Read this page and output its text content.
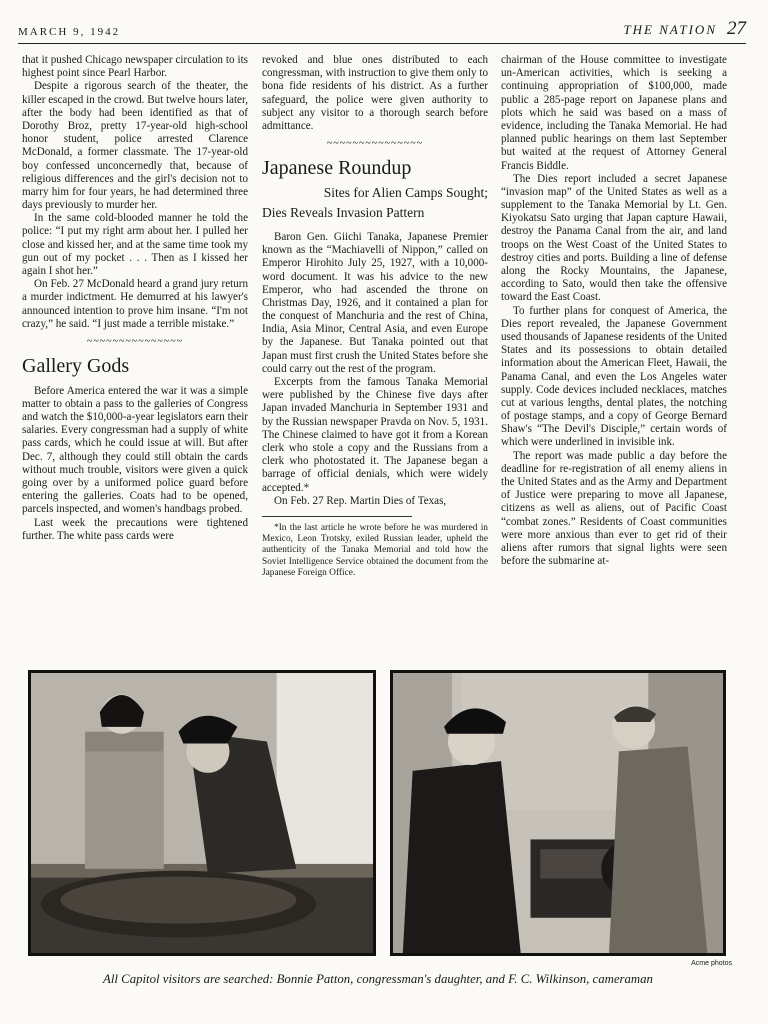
MARCH 9, 1942	THE NATION 27

that it pushed Chicago newspaper circulation to its highest point since Pearl Harbor.

Despite a rigorous search of the theater, the killer escaped in the crowd. But twelve hours later, after the body had been identified as that of Dorothy Broz, pretty 17-year-old high-school honor student, police arrested Clarence McDonald, a former classmate. The 17-year-old boy confessed unconcernedly that, because of religious differences and the girl's decision not to marry him for four years, he had determined three days previously to murder her.

In the same cold-blooded manner he told the police: “I put my right arm about her. I pulled her close and kissed her, and at the same time took my gun out of my pocket . . . Then as I kissed her again I shot her.”

On Feb. 27 McDonald heard a grand jury return a murder indictment. He demurred at his lawyer's announced intention to prove him insane. “I'm not crazy,” he said. “I just made a terrible mistake.”

~~~~~~~~~~~~~~~
Gallery Gods

Before America entered the war it was a simple matter to obtain a pass to the galleries of Congress and watch the $10,000-a-year legislators earn their salaries. Every congressman had a supply of white pass cards, which he could issue at will. But after Dec. 7, although they could still obtain the cards without much trouble, visitors were given a quick going over by a uniformed police guard before entering the galleries. Coats had to be opened, parcels inspected, and women's handbags probed.

Last week the precautions were tightened further. The white pass cards were

revoked and blue ones distributed to each congressman, with instruction to give them only to bona fide residents of his district. As a further safeguard, the police were given authority to subject any visitor to a thorough search before admittance.

~~~~~~~~~~~~~~~
Japanese Roundup
Sites for Alien Camps Sought;
Dies Reveals Invasion Pattern

Baron Gen. Giichi Tanaka, Japanese Premier known as the “Machiavelli of Nippon,” called on Emperor Hirohito July 25, 1927, with a 10,000-word document. It was his advice to the new Emperor, who had ascended the throne on Christmas Day, 1926, and it contained a plan for the conquest of Manchuria and the rest of China, India, Asia Minor, Central Asia, and even Europe by the Japanese. But Tanaka pointed out that Japan must first crush the United States before she could carry out the rest of the program.

Excerpts from the famous Tanaka Memorial were published by the Chinese five days after Japan invaded Manchuria in September 1931 and by the Russian newspaper Pravda on Nov. 5, 1931. The Chinese claimed to have got it from a Korean clerk who stole a copy and the Russians from a clerk who photostated it. The Japanese began a barrage of official denials, which were widely accepted.*

On Feb. 27 Rep. Martin Dies of Texas,

*In the last article he wrote before he was murdered in Mexico, Leon Trotsky, exiled Russian leader, upheld the authenticity of the Tanaka Memorial and told how the Soviet Intelligence Service obtained the document from the Japanese Foreign Office.

chairman of the House committee to investigate un-American activities, which is seeking a continuing appropriation of $100,000, made public a 285-page report on Japanese plans and plots which he said was based on a mass of evidence, including the Tanaka Memorial. He had planned public hearings on them last September but waited at the request of Attorney General Francis Biddle.

The Dies report included a secret Japanese “invasion map” of the United States as well as a supplement to the Tanaka Memorial by Lt. Gen. Kiyokatsu Sato urging that Japan capture Hawaii, destroy the Panama Canal from the air, and land troops on the West Coast of the United States to destroy cities and ports. Building a line of defense along the Rocky Mountains, the Japanese, according to Sato, would then take the offensive toward the East Coast.

To further plans for conquest of America, the Dies report revealed, the Japanese Government used thousands of Japanese residents of the United States and its possessions to obtain detailed information about the American Fleet, Hawaii, the Panama Canal, and even the Los Angeles water supply. Code devices included necklaces, matches cut at various lengths, dental plates, the notching of postage stamps, and a copy of George Bernard Shaw's “The Devil's Disciple,” certain words of which were underlined in invisible ink.

The report was made public a day before the deadline for re-registration of all enemy aliens in the United States and as the Army and Department of Justice were preparing to move all Japanese, citizens as well as aliens, out of Pacific Coast “combat zones.” Residents of Coast communities were more anxious than ever to get rid of their aliens after rumors that signal lights were seen before the submarine at-

Acme photos
All Capitol visitors are searched: Bonnie Patton, congressman's daughter, and F. C. Wilkinson, cameraman
